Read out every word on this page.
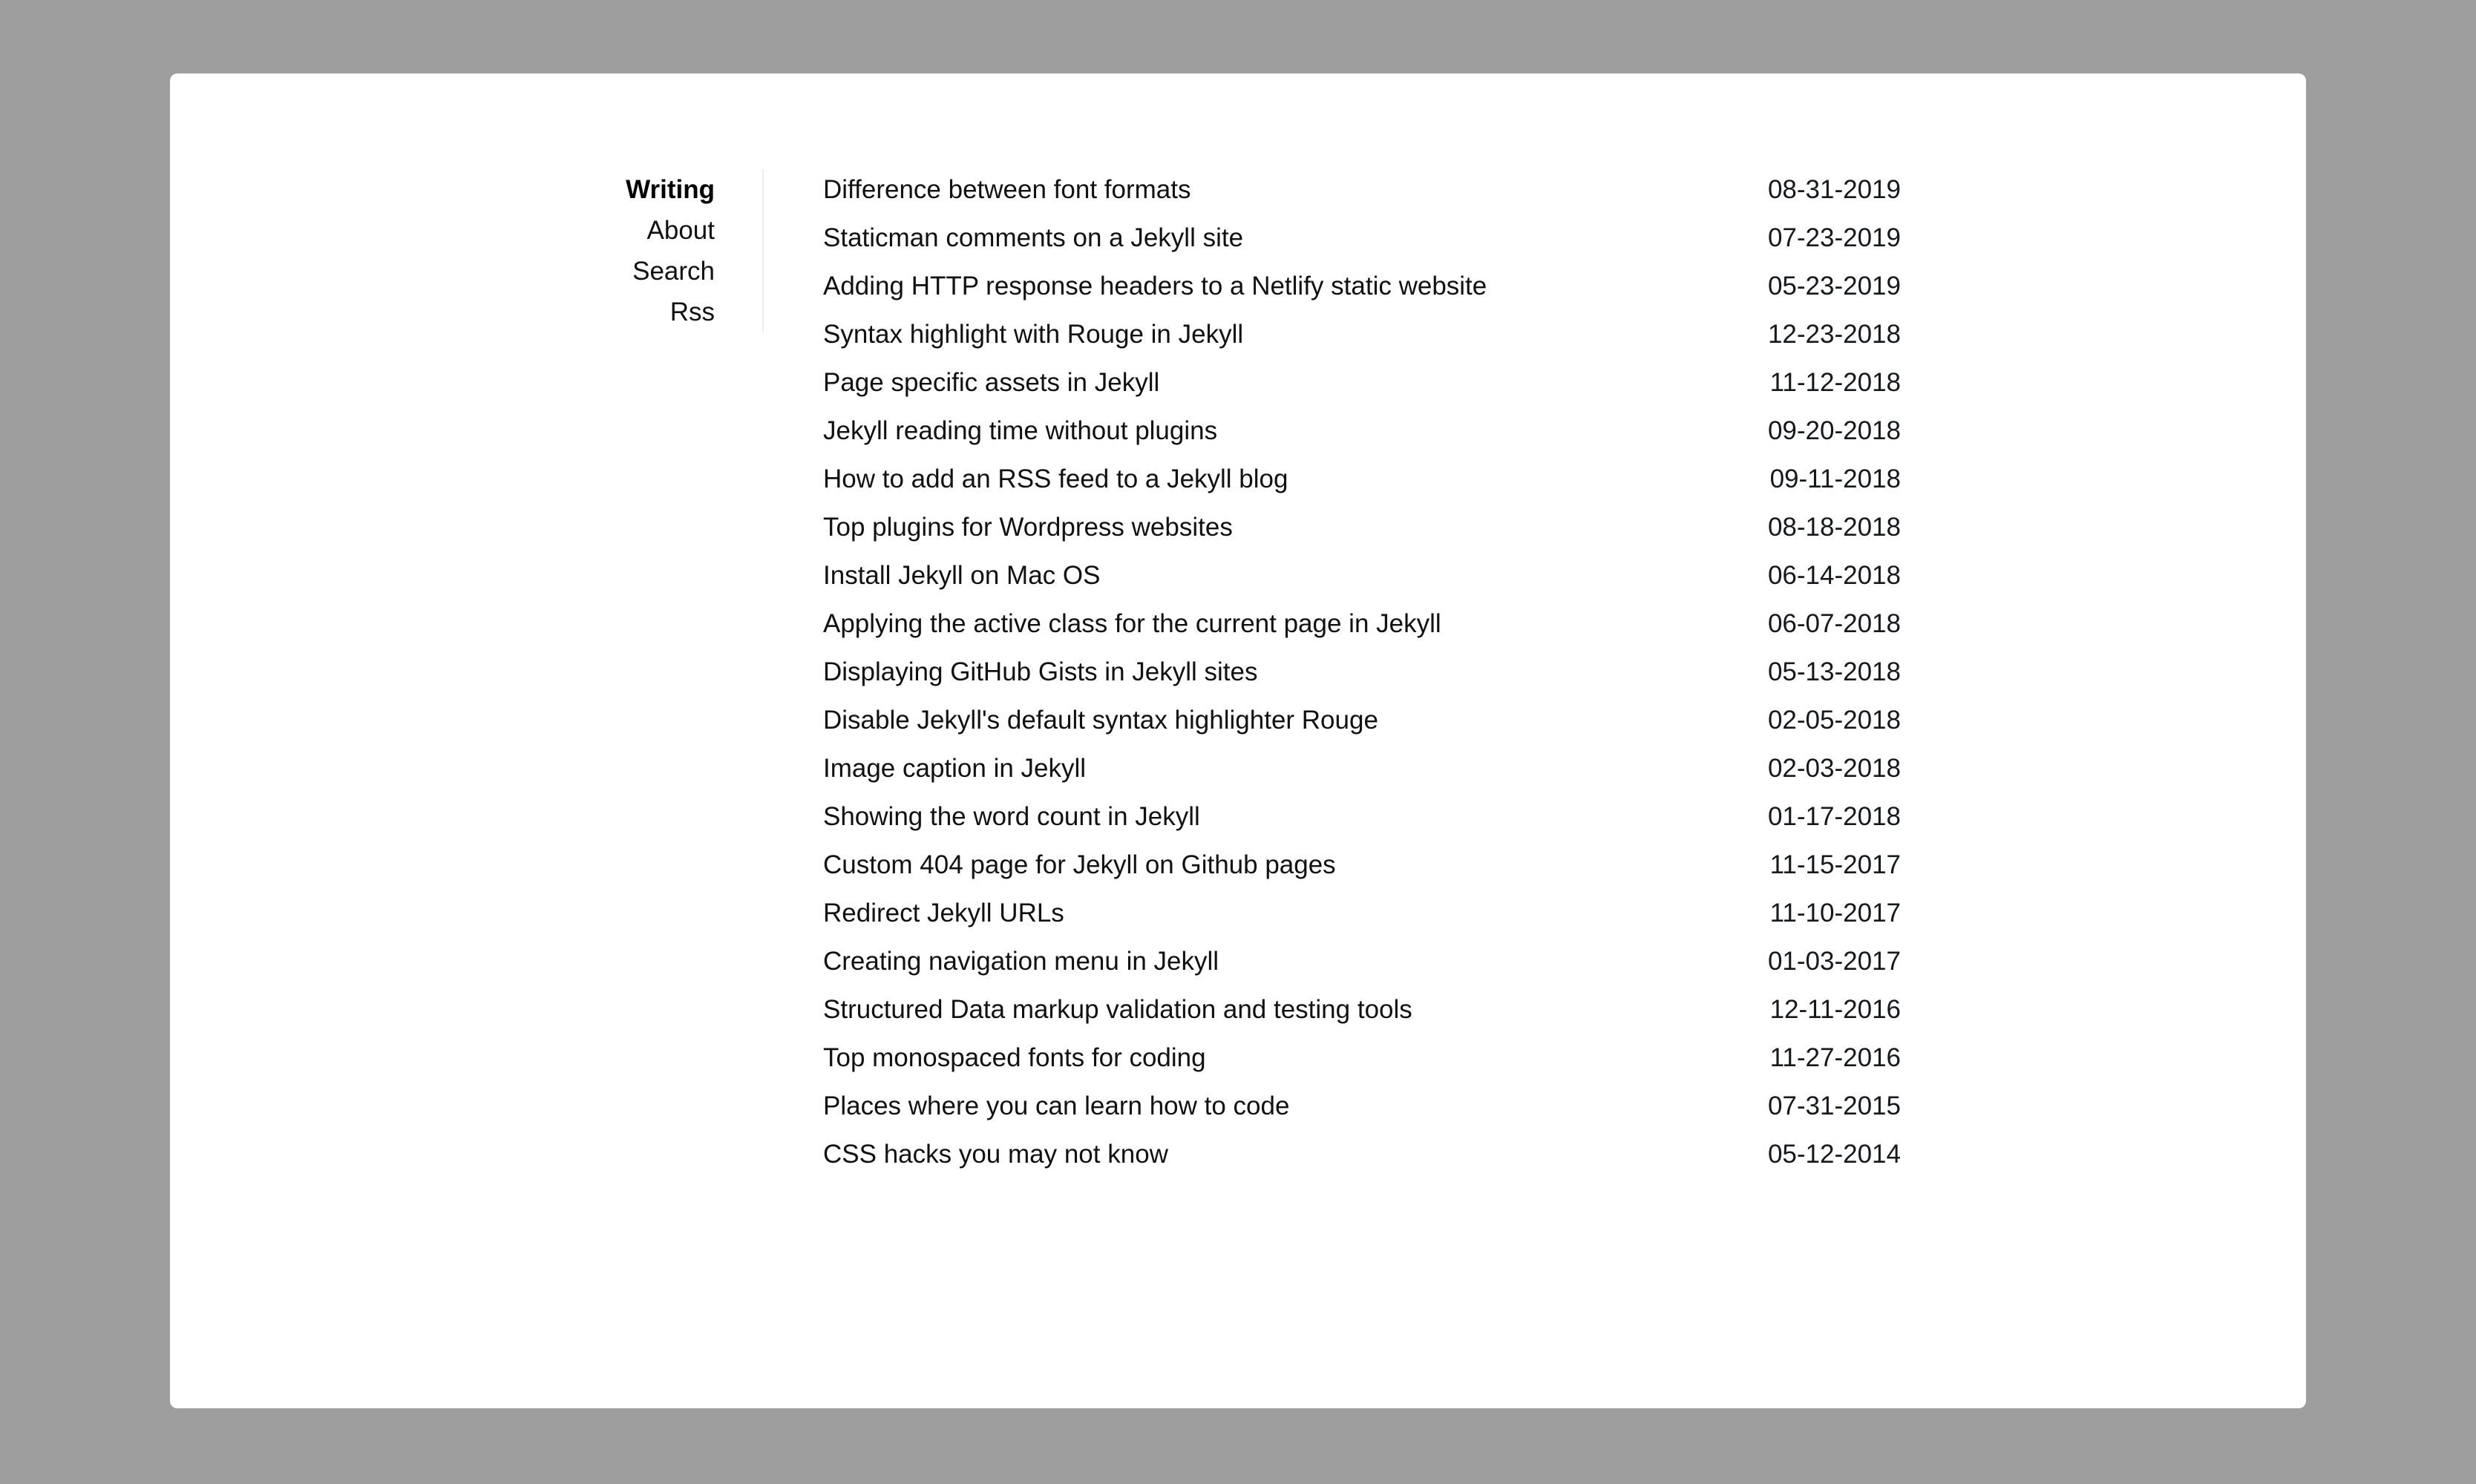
Writing
About
Search
Rss
Difference between font formats	08-31-2019
Staticman comments on a Jekyll site	07-23-2019
Adding HTTP response headers to a Netlify static website	05-23-2019
Syntax highlight with Rouge in Jekyll	12-23-2018
Page specific assets in Jekyll	11-12-2018
Jekyll reading time without plugins	09-20-2018
How to add an RSS feed to a Jekyll blog	09-11-2018
Top plugins for Wordpress websites	08-18-2018
Install Jekyll on Mac OS	06-14-2018
Applying the active class for the current page in Jekyll	06-07-2018
Displaying GitHub Gists in Jekyll sites	05-13-2018
Disable Jekyll's default syntax highlighter Rouge	02-05-2018
Image caption in Jekyll	02-03-2018
Showing the word count in Jekyll	01-17-2018
Custom 404 page for Jekyll on Github pages	11-15-2017
Redirect Jekyll URLs	11-10-2017
Creating navigation menu in Jekyll	01-03-2017
Structured Data markup validation and testing tools	12-11-2016
Top monospaced fonts for coding	11-27-2016
Places where you can learn how to code	07-31-2015
CSS hacks you may not know	05-12-2014
